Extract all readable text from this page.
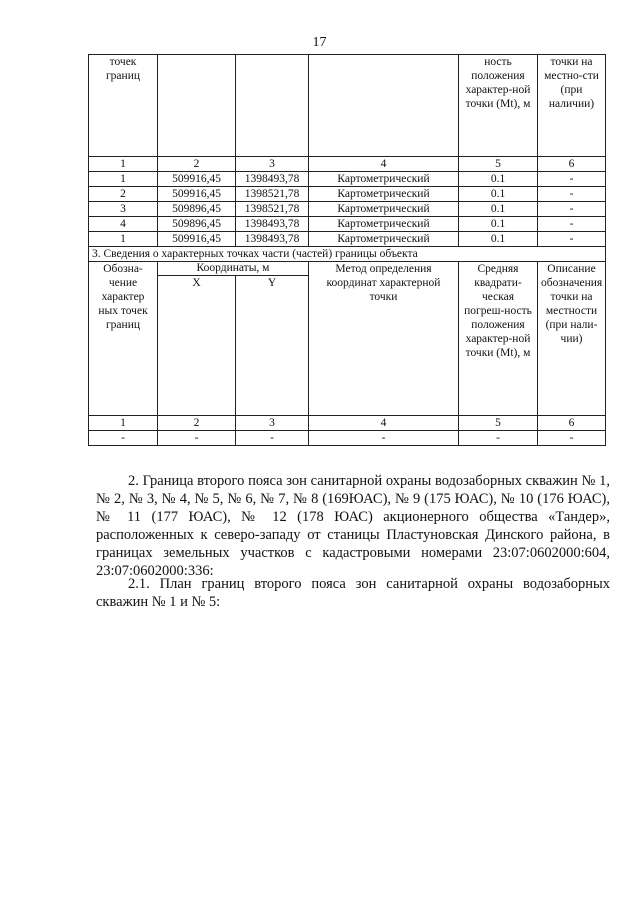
17
точек границ				ность положения характер-ной точки (Mt), м	точки на местно-сти (при наличии)
1	2	3	4	5	6
1	509916,45	1398493,78	Картометрический	0.1	-
2	509916,45	1398521,78	Картометрический	0.1	-
3	509896,45	1398521,78	Картометрический	0.1	-
4	509896,45	1398493,78	Картометрический	0.1	-
1	509916,45	1398493,78	Картометрический	0.1	-
3. Сведения о характерных точках части (частей) границы объекта					
Обозна-чение характер ных точек границ	Координаты, м		Метод определения координат характерной точки	Средняя квадрати-ческая погреш-ность положения характер-ной точки (Mt), м	Описание обозначения точки на местности (при нали-чии)
	X	Y			
1	2	3	4	5	6
-	-	-	-	-	-

2. Граница второго пояса зон санитарной охраны водозаборных скважин № 1, № 2, № 3, № 4, № 5, № 6, № 7, № 8 (169ЮАС), № 9 (175 ЮАС), № 10 (176 ЮАС), № 11 (177 ЮАС), № 12 (178 ЮАС) акционерного общества «Тандер», расположенных к северо-западу от станицы Пластуновская Динского района, в границах земельных участков с кадастровыми номерами 23:07:0602000:604, 23:07:0602000:336:

2.1. План границ второго пояса зон санитарной охраны водозаборных скважин № 1 и № 5:
